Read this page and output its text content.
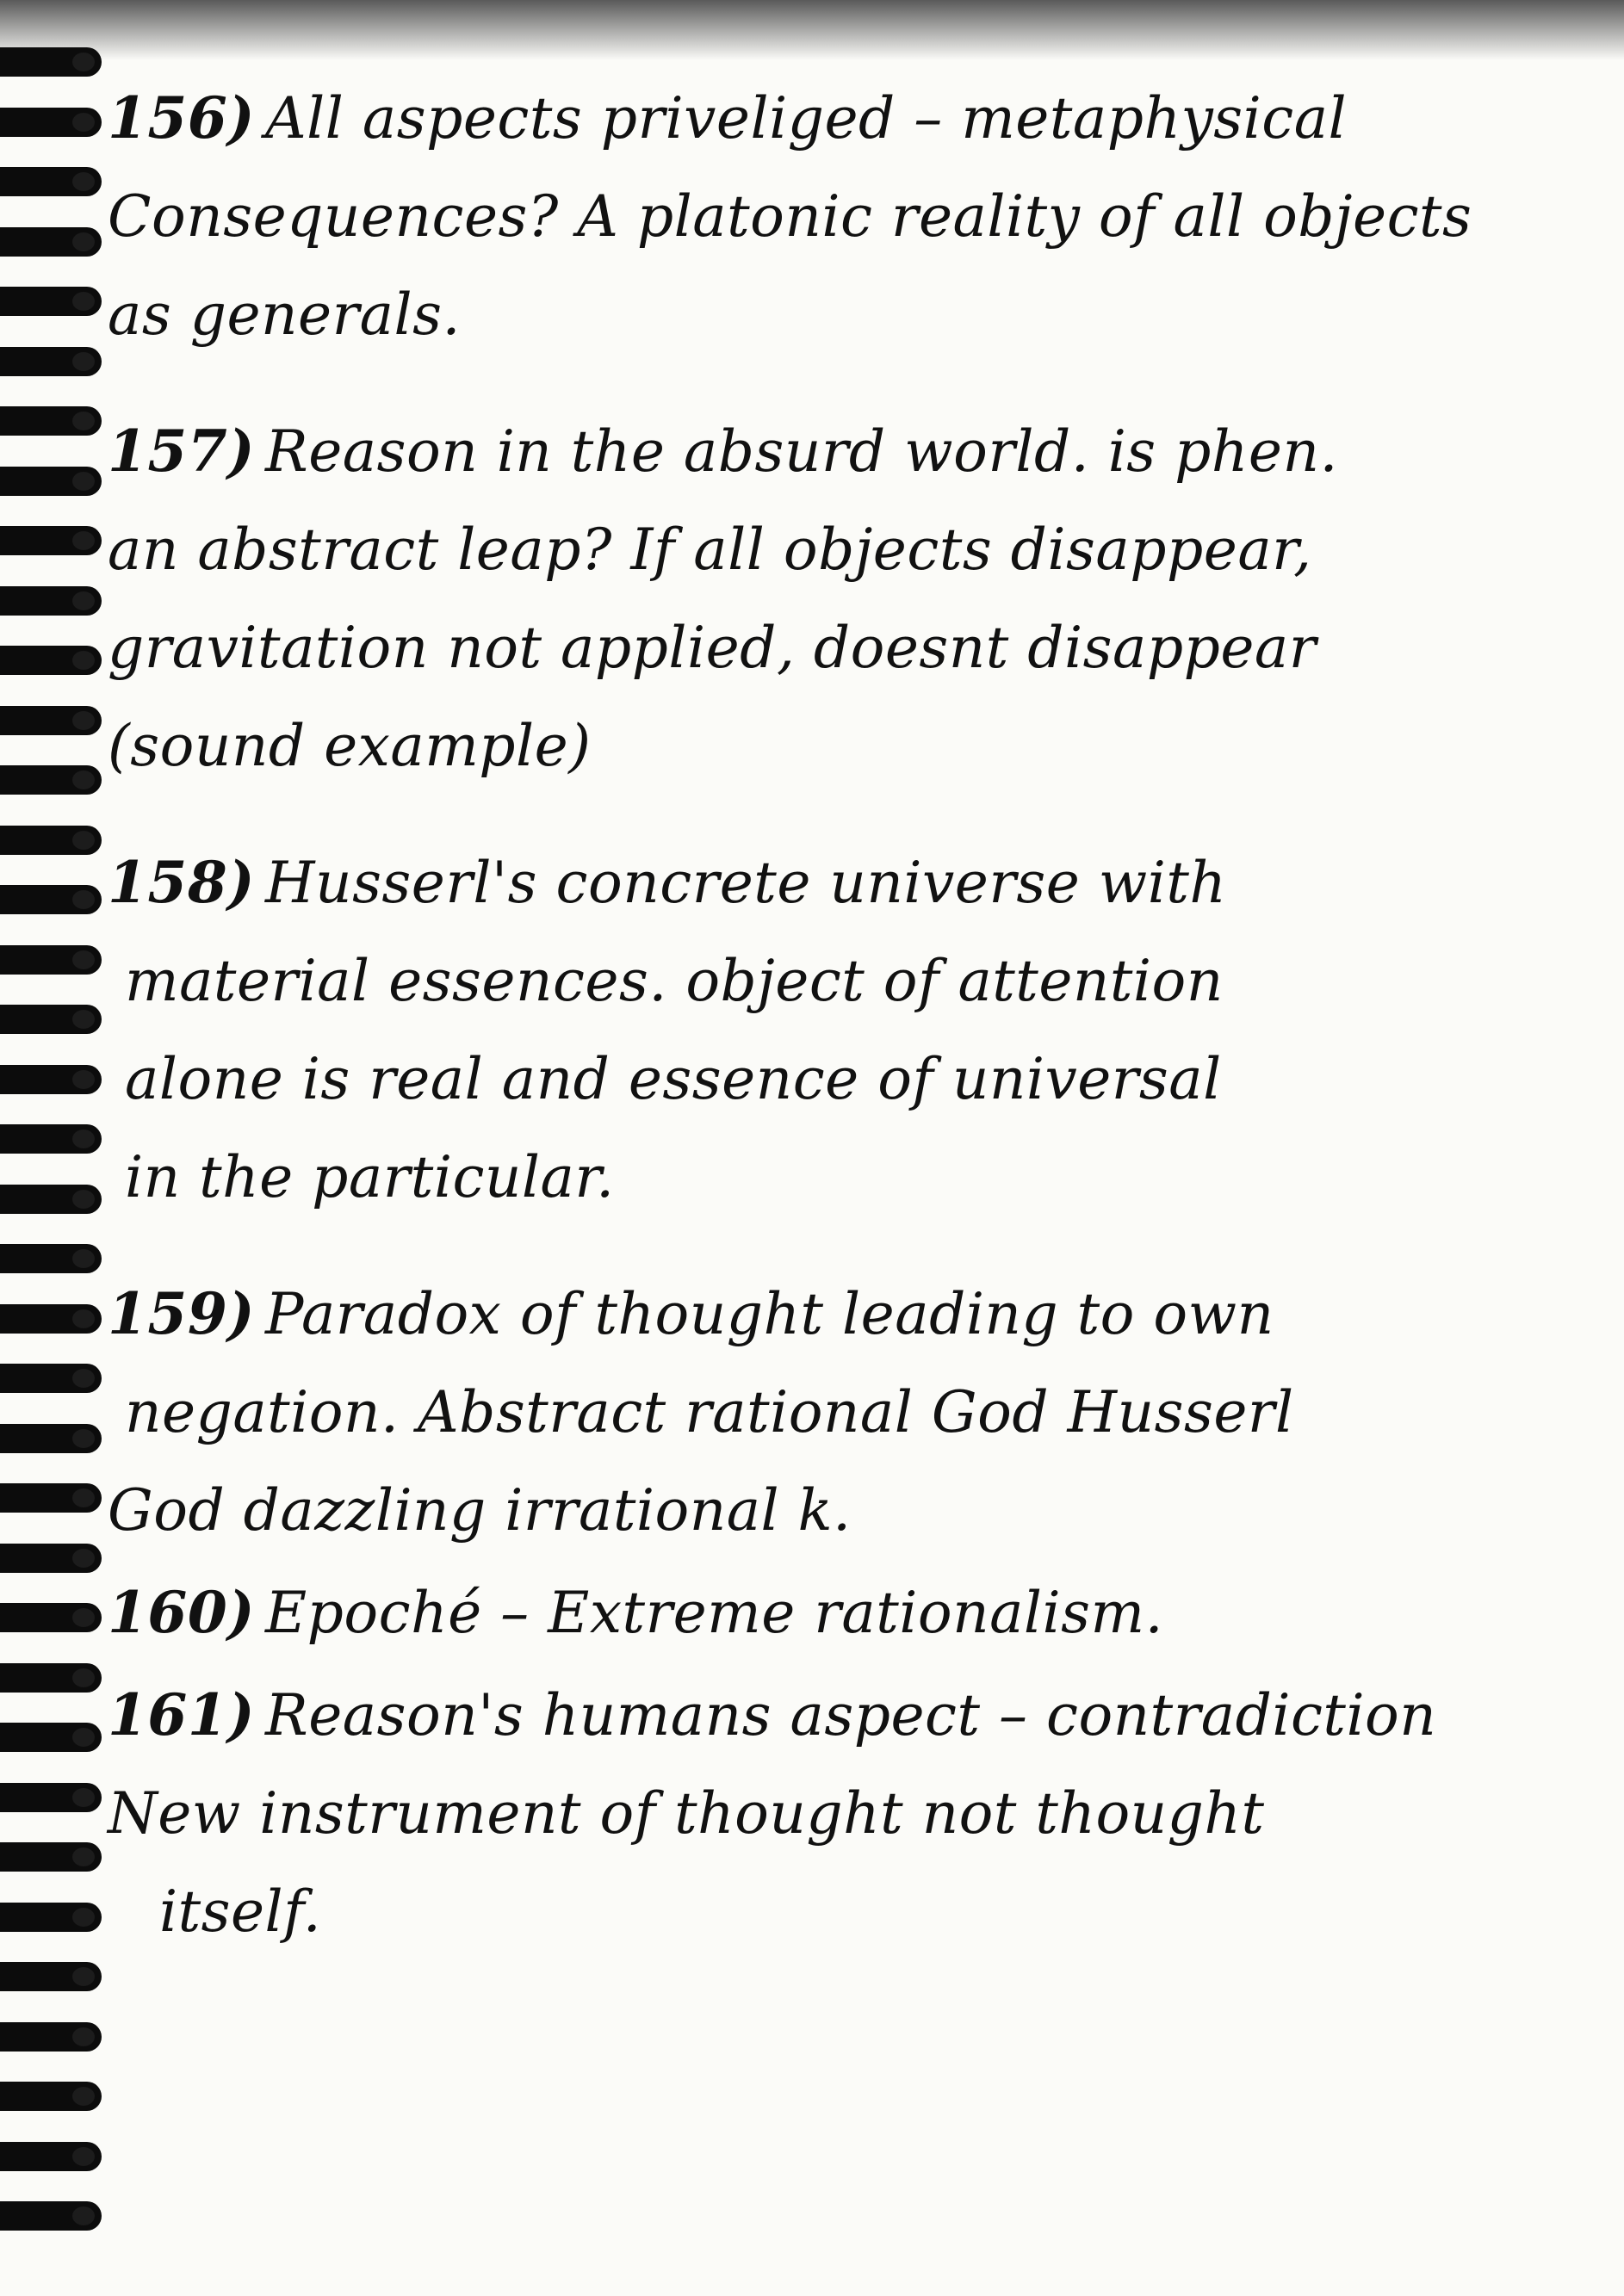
156) All aspects priveliged – metaphysical
Consequences? A platonic reality of all objects
as generals.
157) Reason in the absurd world. is phen.
an abstract leap? If all objects disappear,
gravitation not applied, doesnt disappear
(sound example)
158) Husserl's concrete universe with
material essences. object of attention
alone is real and essence of universal
in the particular.
159) Paradox of thought leading to own
negation. Abstract rational God Husserl
God dazzling irrational k.
160) Epoché – Extreme rationalism.
161) Reason's humans aspect – contradiction
New instrument of thought not thought
itself.
